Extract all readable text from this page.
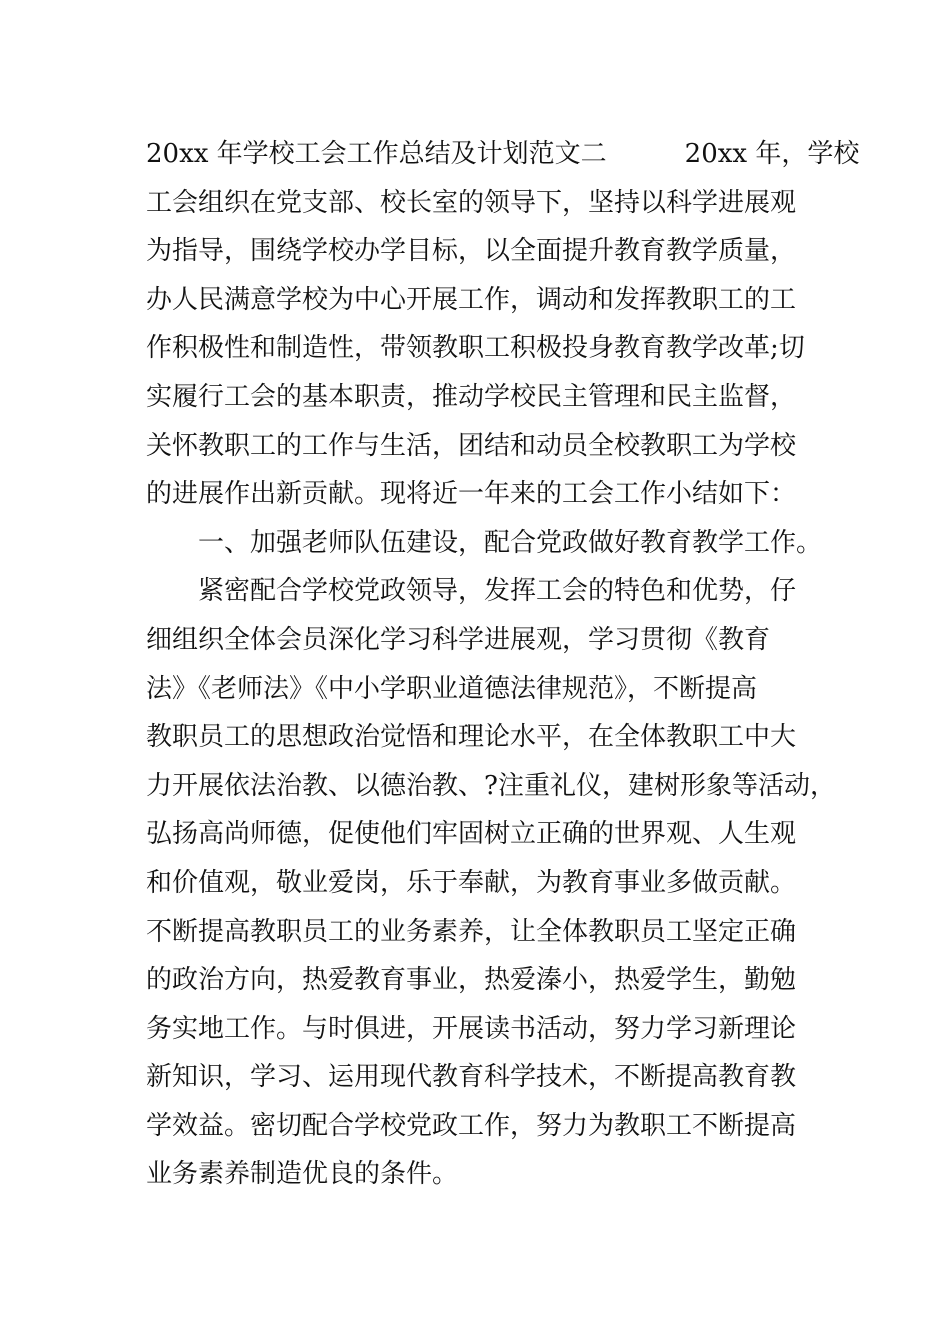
20xx 年学校工会工作总结及计划范文二　　　20xx 年，学校
工会组织在党支部、校长室的领导下，坚持以科学进展观
为指导，围绕学校办学目标，以全面提升教育教学质量，
办人民满意学校为中心开展工作，调动和发挥教职工的工
作积极性和制造性，带领教职工积极投身教育教学改革;切
实履行工会的基本职责，推动学校民主管理和民主监督，
关怀教职工的工作与生活，团结和动员全校教职工为学校
的进展作出新贡献。现将近一年来的工会工作小结如下：
　　一、加强老师队伍建设，配合党政做好教育教学工作。
　　紧密配合学校党政领导，发挥工会的特色和优势，仔
细组织全体会员深化学习科学进展观，学习贯彻《教育
法》《老师法》《中小学职业道德法律规范》，不断提高
教职员工的思想政治觉悟和理论水平，在全体教职工中大
力开展依法治教、以德治教、?注重礼仪，建树形象等活动，
弘扬高尚师德，促使他们牢固树立正确的世界观、人生观
和价值观，敬业爱岗，乐于奉献，为教育事业多做贡献。
不断提高教职员工的业务素养，让全体教职员工坚定正确
的政治方向，热爱教育事业，热爱溱小，热爱学生，勤勉
务实地工作。与时俱进，开展读书活动，努力学习新理论
新知识，学习、运用现代教育科学技术，不断提高教育教
学效益。密切配合学校党政工作，努力为教职工不断提高
业务素养制造优良的条件。
